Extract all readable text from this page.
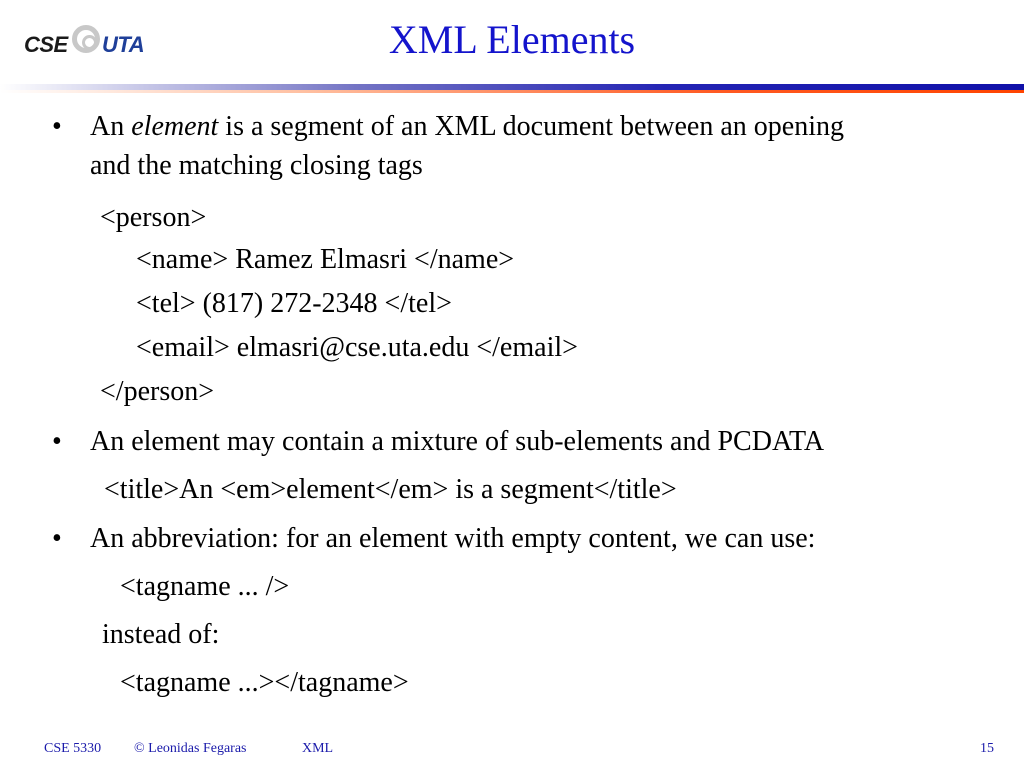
CSE UTA	XML Elements
• An element is a segment of an XML document between an opening
and the matching closing tags
<person>
<name> Ramez Elmasri </name>
<tel> (817) 272-2348 </tel>
<email> elmasri@cse.uta.edu </email>
</person>
• An element may contain a mixture of sub-elements and PCDATA
<title>An <em>element</em> is a segment</title>
• An abbreviation: for an element with empty content, we can use:
<tagname ... />
instead of:
<tagname ...></tagname>
CSE 5330 © Leonidas Fegaras	XML	15
